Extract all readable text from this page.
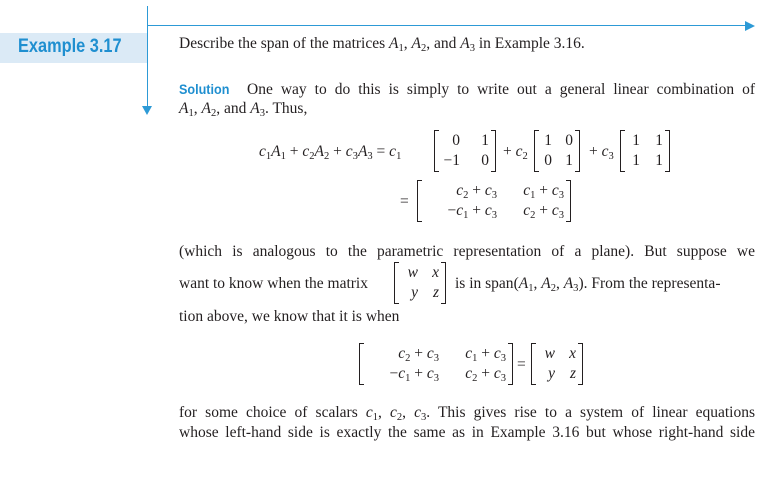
Example 3.17	Describe the span of the matrices $A_1$, $A_2$, and $A_3$ in Example 3.16.
Solution One way to do this is simply to write out a general linear combination of
$A_1$, $A_2$, and $A_3$. Thus,
$c_1A_1 + c_2A_2 + c_3A_3 = c_1$
0 1
−1 0
+ $c_2$
1 0
0 1
+ $c_3$
1 1
1 1
=
$c_2 + c_3$ $c_1 + c_3$
$-c_1 + c_3$ $c_2 + c_3$
(which is analogous to the parametric representation of a plane). But suppose we
want to know when the matrix
w x
y z
is in $span(A_1$, $A_2$, $A_3$). From the representa-
tion above, we know that it is when
$c_2 + c_3$ $c_1 + c_3$
$-c_1 + c_3$ $c_2 + c_3$
=
w x
y z
for some choice of scalars $c_1$, $c_2$, $c_3$. This gives rise to a system of linear equations
whose left-hand side is exactly the same as in Example 3.16 but whose right-hand side
